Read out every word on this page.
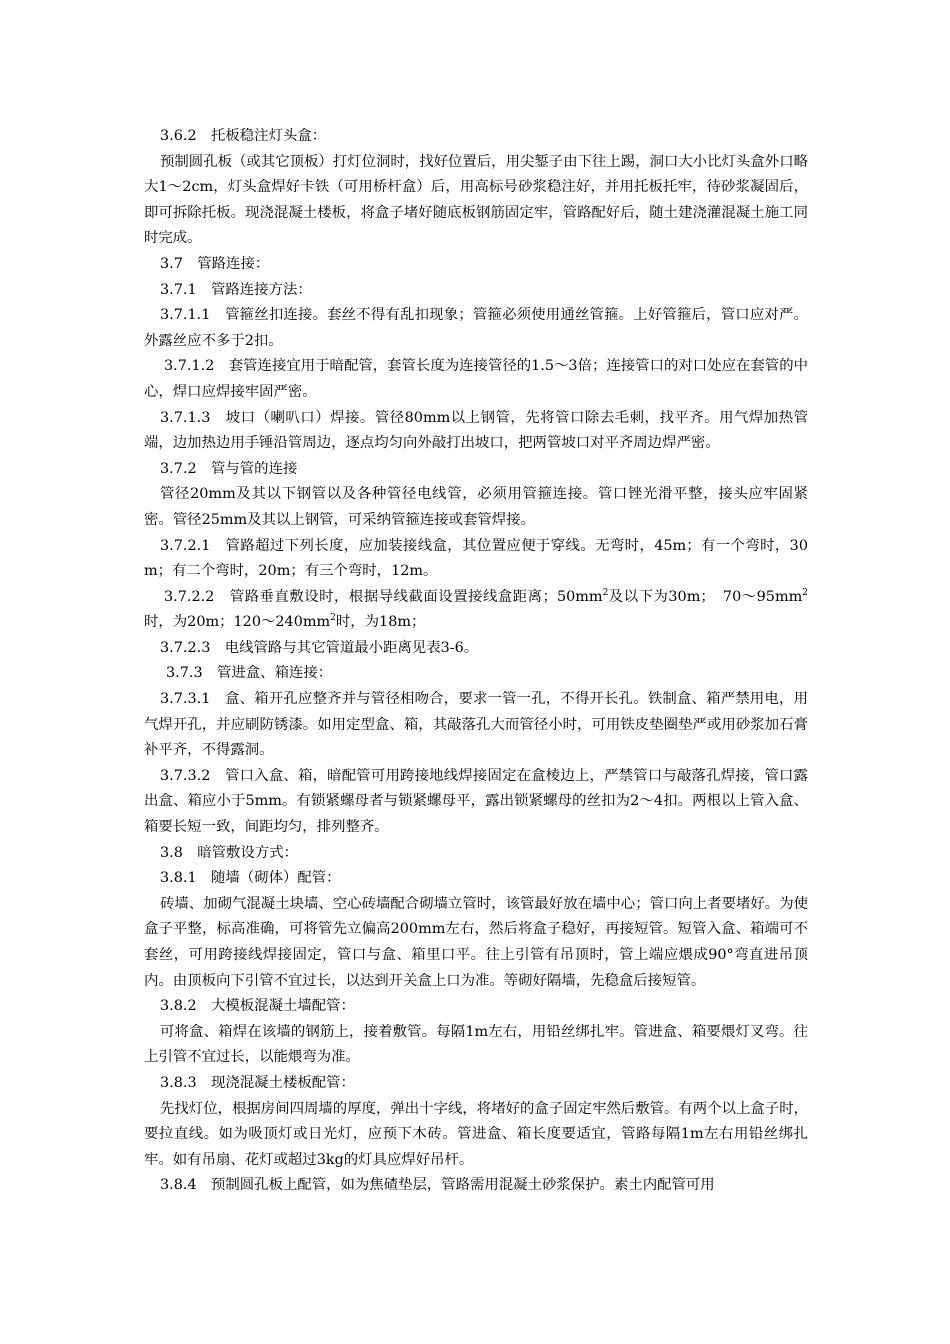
3.6.2　托板稳注灯头盒：

预制圆孔板（或其它顶板）打灯位洞时，找好位置后，用尖錾子由下往上踢，洞口大小比灯头盒外口略大1～2cm，灯头盒焊好卡铁（可用桥杆盒）后，用高标号砂浆稳注好，并用托板托牢，待砂浆凝固后，即可拆除托板。现浇混凝土楼板，将盒子堵好随底板钢筋固定牢，管路配好后，随土建浇灌混凝土施工同时完成。

3.7　管路连接：

3.7.1　管路连接方法：

3.7.1.1　管箍丝扣连接。套丝不得有乱扣现象；管箍必须使用通丝管箍。上好管箍后，管口应对严。外露丝应不多于2扣。

3.7.1.2　套管连接宜用于暗配管，套管长度为连接管径的1.5～3倍；连接管口的对口处应在套管的中心，焊口应焊接牢固严密。

3.7.1.3　坡口（喇叭口）焊接。管径80mm以上钢管，先将管口除去毛刺，找平齐。用气焊加热管端，边加热边用手锤沿管周边，逐点均匀向外敲打出坡口，把两管坡口对平齐周边焊严密。

3.7.2　管与管的连接

管径20mm及其以下钢管以及各种管径电线管，必须用管箍连接。管口锉光滑平整，接头应牢固紧密。管径25mm及其以上钢管，可采纳管箍连接或套管焊接。

3.7.2.1　管路超过下列长度，应加装接线盒，其位置应便于穿线。无弯时，45m；有一个弯时，30m；有二个弯时，20m；有三个弯时，12m。

3.7.2.2　管路垂直敷设时，根据导线截面设置接线盒距离；$50mm^2$及以下为30m；　$70\sim 95mm^2$时，为20m；$120\sim 240mm^2$时，为18m；

3.7.2.3　电线管路与其它管道最小距离见表3-6。

3.7.3　管进盒、箱连接：

3.7.3.1　盒、箱开孔应整齐并与管径相吻合，要求一管一孔，不得开长孔。铁制盒、箱严禁用电，用气焊开孔，并应刷防锈漆。如用定型盒、箱，其敲落孔大而管径小时，可用铁皮垫圈垫严或用砂浆加石膏补平齐，不得露洞。

3.7.3.2　管口入盒、箱，暗配管可用跨接地线焊接固定在盒棱边上，严禁管口与敲落孔焊接，管口露出盒、箱应小于5mm。有锁紧螺母者与锁紧螺母平，露出锁紧螺母的丝扣为2～4扣。两根以上管入盒、箱要长短一致，间距均匀，排列整齐。

3.8　暗管敷设方式：

3.8.1　随墙（砌体）配管：

砖墙、加砌气混凝土块墙、空心砖墙配合砌墙立管时，该管最好放在墙中心；管口向上者要堵好。为使盒子平整，标高准确，可将管先立偏高200mm左右，然后将盒子稳好，再接短管。短管入盒、箱端可不套丝，可用跨接线焊接固定，管口与盒、箱里口平。往上引管有吊顶时，管上端应煨成90°弯直进吊顶内。由顶板向下引管不宜过长，以达到开关盒上口为准。等砌好隔墙，先稳盒后接短管。

3.8.2　大模板混凝土墙配管：

可将盒、箱焊在该墙的钢筋上，接着敷管。每隔1m左右，用铅丝绑扎牢。管进盒、箱要煨灯叉弯。往上引管不宜过长，以能煨弯为准。

3.8.3　现浇混凝土楼板配管：

先找灯位，根据房间四周墙的厚度，弹出十字线，将堵好的盒子固定牢然后敷管。有两个以上盒子时，要拉直线。如为吸顶灯或日光灯，应预下木砖。管进盒、箱长度要适宜，管路每隔1m左右用铅丝绑扎牢。如有吊扇、花灯或超过3kg的灯具应焊好吊杆。

3.8.4　预制圆孔板上配管，如为焦碴垫层，管路需用混凝土砂浆保护。素土内配管可用
